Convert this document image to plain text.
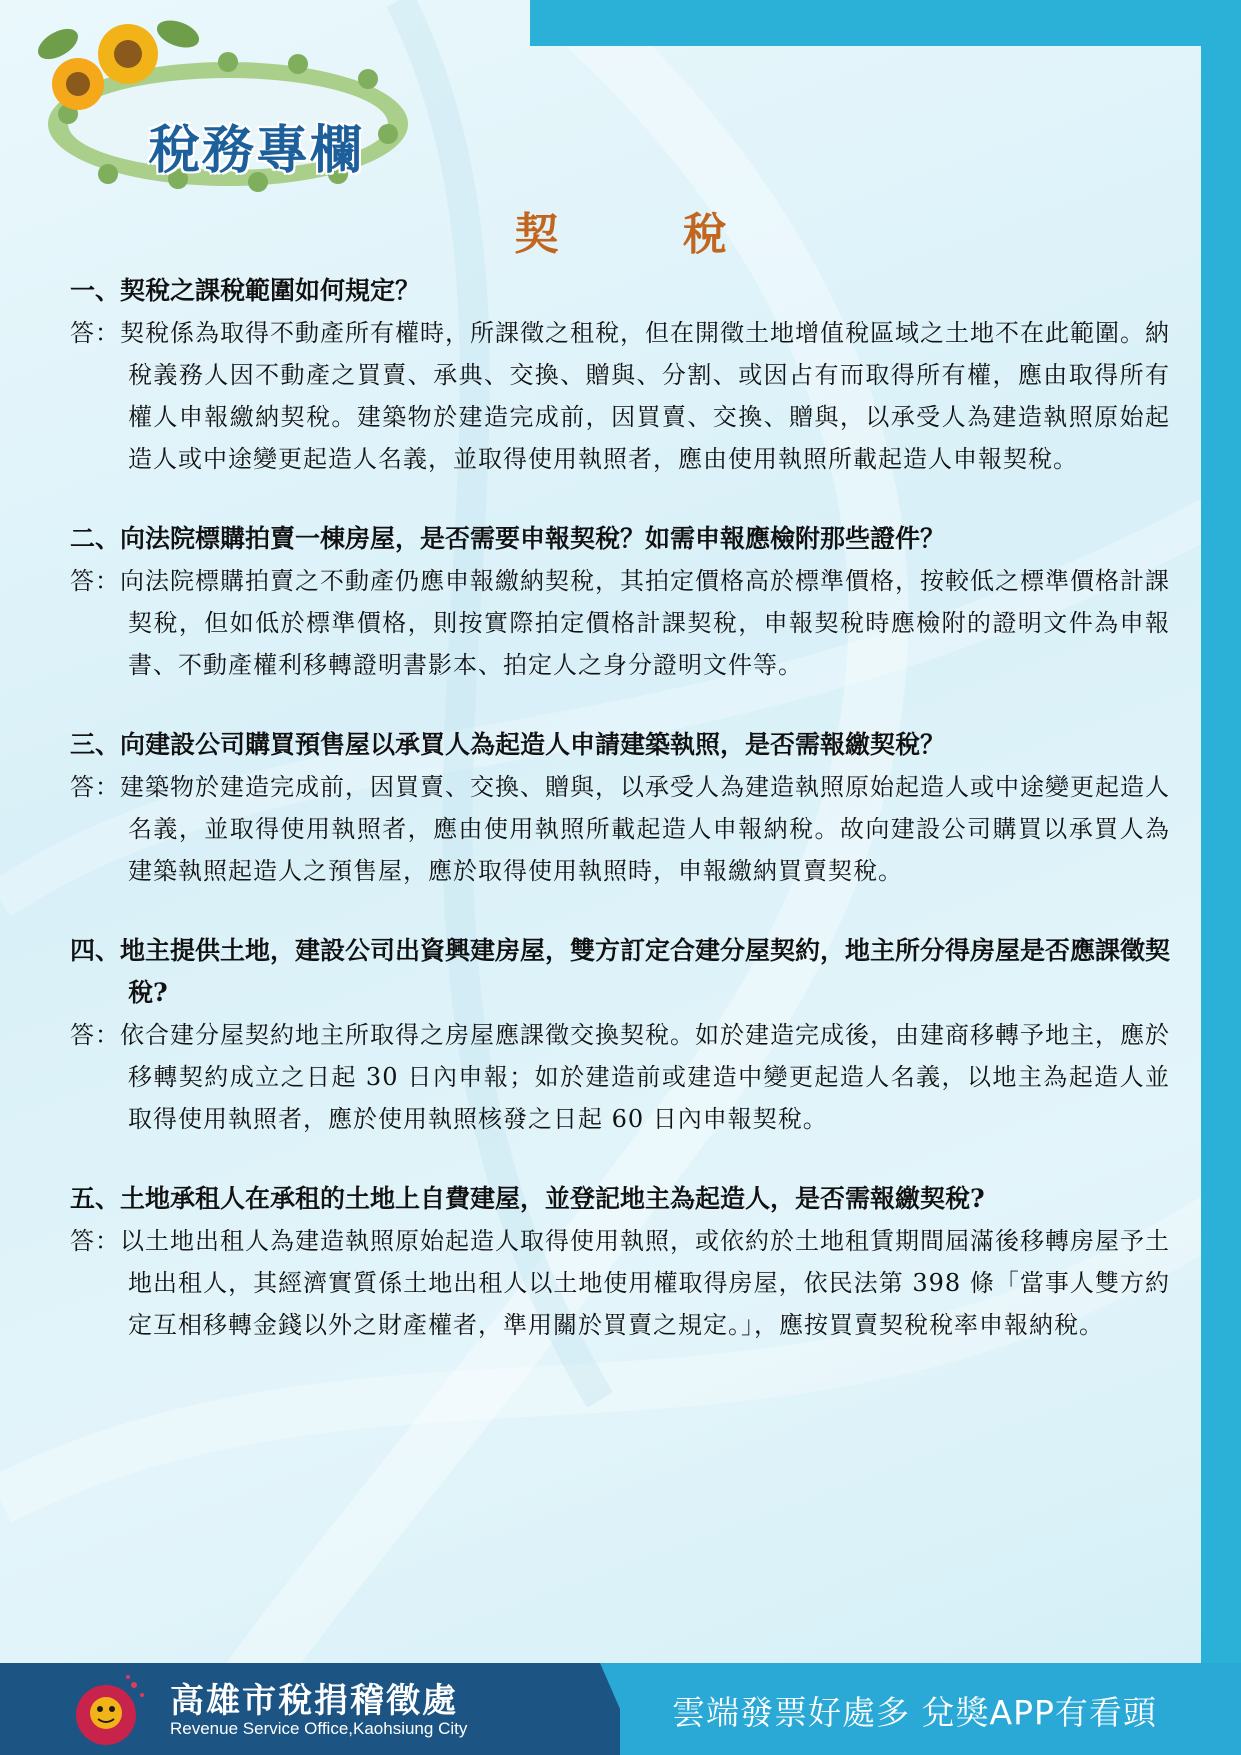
稅務專欄
契　稅
一、契稅之課稅範圍如何規定？
答：契稅係為取得不動產所有權時，所課徵之租稅，但在開徵土地增值稅區域之土地不在此範圍。納稅義務人因不動產之買賣、承典、交換、贈與、分割、或因占有而取得所有權，應由取得所有權人申報繳納契稅。建築物於建造完成前，因買賣、交換、贈與，以承受人為建造執照原始起造人或中途變更起造人名義，並取得使用執照者，應由使用執照所載起造人申報契稅。
二、向法院標購拍賣一棟房屋，是否需要申報契稅？如需申報應檢附那些證件？
答：向法院標購拍賣之不動產仍應申報繳納契稅，其拍定價格高於標準價格，按較低之標準價格計課契稅，但如低於標準價格，則按實際拍定價格計課契稅，申報契稅時應檢附的證明文件為申報書、不動產權利移轉證明書影本、拍定人之身分證明文件等。
三、向建設公司購買預售屋以承買人為起造人申請建築執照，是否需報繳契稅？
答：建築物於建造完成前，因買賣、交換、贈與，以承受人為建造執照原始起造人或中途變更起造人名義，並取得使用執照者，應由使用執照所載起造人申報納稅。故向建設公司購買以承買人為建築執照起造人之預售屋，應於取得使用執照時，申報繳納買賣契稅。
四、地主提供土地，建設公司出資興建房屋，雙方訂定合建分屋契約，地主所分得房屋是否應課徵契稅?
答：依合建分屋契約地主所取得之房屋應課徵交換契稅。如於建造完成後，由建商移轉予地主，應於移轉契約成立之日起 30 日內申報；如於建造前或建造中變更起造人名義，以地主為起造人並取得使用執照者，應於使用執照核發之日起 60 日內申報契稅。
五、土地承租人在承租的土地上自費建屋，並登記地主為起造人，是否需報繳契稅?
答：以土地出租人為建造執照原始起造人取得使用執照，或依約於土地租賃期間屆滿後移轉房屋予土地出租人，其經濟實質係土地出租人以土地使用權取得房屋，依民法第 398 條「當事人雙方約定互相移轉金錢以外之財產權者，準用關於買賣之規定。」，應按買賣契稅稅率申報納稅。
高雄市稅捐稽徵處
Revenue Service Office,Kaohsiung City	雲端發票好處多 兌獎APP有看頭
